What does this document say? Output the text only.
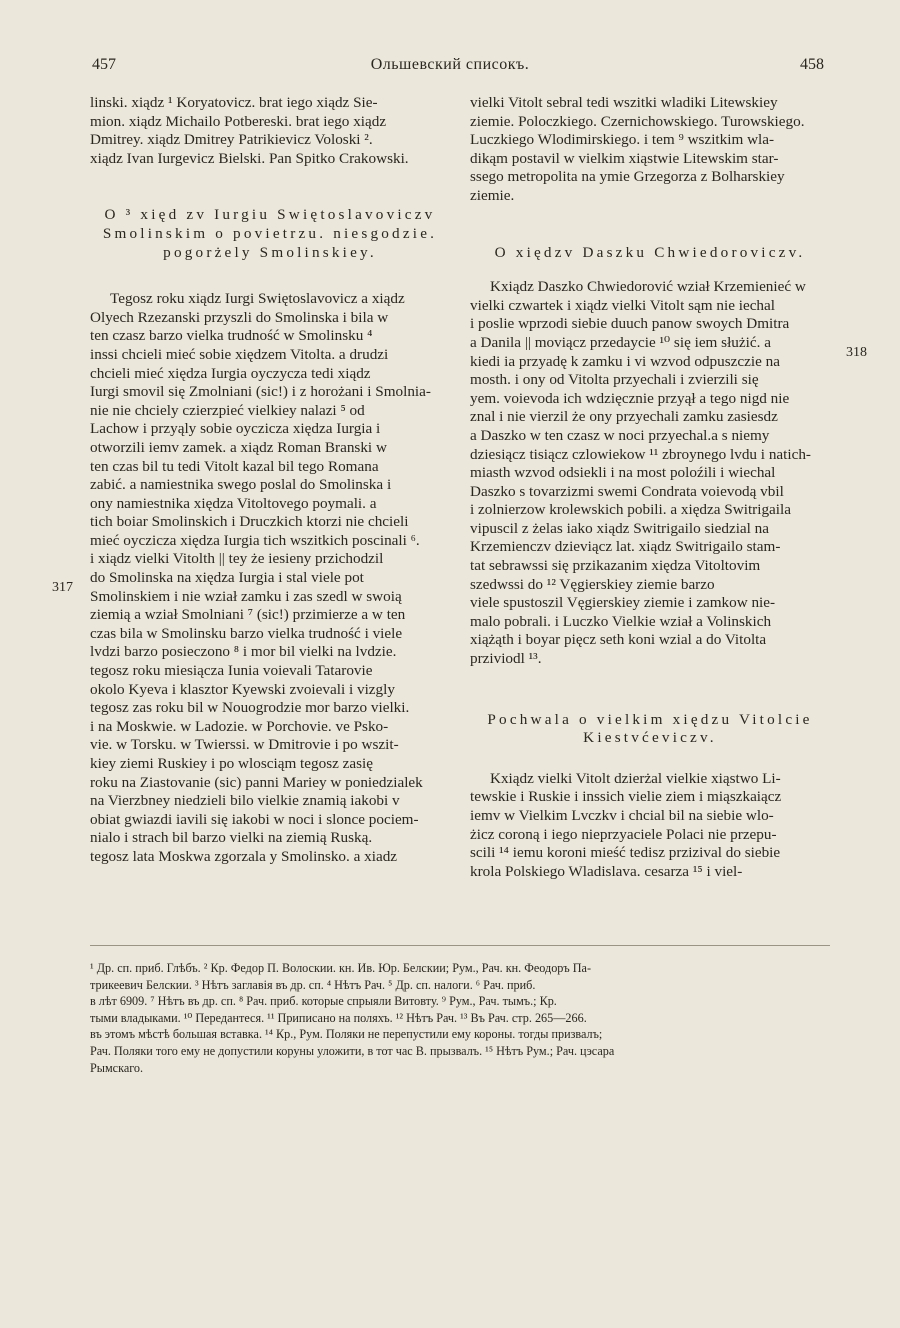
457	Ольшевский списокъ.	458
317
318

linski. xiądz ¹ Koryatovicz. brat iego xiądz Sie-
mion. xiądz Michailo Potbereski. brat iego xiądz
Dmitrey. xiądz Dmitrey Patrikievicz Voloski ².
xiądz Ivan Iurgevicz Bielski. Pan Spitko Crakowski.

O ³ xięd zv Iurgiu Swiętoslavoviczv
Smolinskim o povietrzu. niesgodzie.
pogorżely Smolinskiey.

Tegosz roku xiądz Iurgi Swiętoslavovicz a xiądz
Olyech Rzezanski przyszli do Smolinska i bila w
ten czasz barzo vielka trudność w Smolinsku ⁴
inssi chcieli mieć sobie xiędzem Vitolta. a drudzi
chcieli mieć xiędza Iurgia oyczycza tedi xiądz
Iurgi smovil się Zmolniani (sic!) i z horożani i Smolnia-
nie nie chciely czierzpieć vielkiey nalazi ⁵ od
Lachow i przyąly sobie oyczicza xiędza Iurgia i
otworzili iemv zamek. a xiądz Roman Branski w
ten czas bil tu tedi Vitolt kazal bil tego Romana
zabić. a namiestnika swego poslal do Smolinska i
ony namiestnika xiędza Vitoltovego poymali. a
tich boiar Smolinskich i Druczkich ktorzi nie chcieli
mieć oyczicza xiędza Iurgia tich wszitkich poscinali ⁶.
i xiądz vielki Vitolth || tey że iesieny przichodzil
do Smolinska na xiędza Iurgia i stal viele pot
Smolinskiem i nie wział zamku i zas szedl w swoią
ziemią a wział Smolniani ⁷ (sic!) przimierze a w ten
czas bila w Smolinsku barzo vielka trudność i viele
lvdzi barzo posieczono ⁸ i mor bil vielki na lvdzie.
tegosz roku miesiącza Iunia voievali Tatarovie
okolo Kyeva i klasztor Kyewski zvoievali i vizgly
tegosz zas roku bil w Nouogrodzie mor barzo vielki.
i na Moskwie. w Ladozie. w Porchovie. ve Psko-
vie. w Torsku. w Twierssi. w Dmitrovie i po wszit-
kiey ziemi Ruskiey i po wlosciąm tegosz zasię
roku na Ziastovanie (sic) panni Mariey w poniedzialek
na Vierzbney niedzieli bilo vielkie znamią iakobi v
obiat gwiazdi iavili się iakobi w noci i slonce pociem-
nialo i strach bil barzo vielki na ziemią Ruską.
tegosz lata Moskwa zgorzala y Smolinsko. a xiadz

vielki Vitolt sebral tedi wszitki wladiki Litewskiey
ziemie. Poloczkiego. Czernichowskiego. Turowskiego.
Luczkiego Wlodimirskiego. i tem ⁹ wszitkim wla-
dikąm postavil w vielkim xiąstwie Litewskim star-
ssego metropolita na ymie Grzegorza z Bolharskiey
ziemie.

O xiędzv Daszku Chwiedoroviczv.

Kxiądz Daszko Chwiedorović wział Krzemienieć w
vielki czwartek i xiądz vielki Vitolt sąm nie iechal
i poslie wprzodi siebie duuch panow swoych Dmitra
a Danila || moviącz przedaycie ¹⁰ się iem służić. a
kiedi ia przyadę k zamku i vi wzvod odpuszczie na
mosth. i ony od Vitolta przyechali i zvierzili się
yem. voievoda ich wdzięcznie przyął a tego nigd nie
znal i nie vierzil że ony przyechali zamku zasiesdz
a Daszko w ten czasz w noci przyechal.a s niemy
dziesiącz tisiącz czlowiekow ¹¹ zbroynego lvdu i natich-
miasth wzvod odsiekli i na most poloźili i wiechal
Daszko s tovarzizmi swemi Condrata voievodą vbil
i zolnierzow krolewskich pobili. a xiędza Switrigaila
vipuscil z żelas iako xiądz Switrigailo siedzial na
Krzemienczv dzieviącz lat. xiądz Switrigailo stam-
tat sebrawssi się przikazanim xiędza Vitoltovim
szedwssi do ¹² Vęgierskiey ziemie barzo
viele spustoszil Vęgierskiey ziemie i zamkow nie-
malo pobrali. i Luczko Vielkie wział a Volinskich
xiążąth i boyar pięcz seth koni wzial a do Vitolta
prziviodl ¹³.

Pochwala o vielkim xiędzu Vitolcie
Kiestvćeviczv.

Kxiądz vielki Vitolt dzierżal vielkie xiąstwo Li-
tewskie i Ruskie i inssich vielie ziem i miąszkaiącz
iemv w Vielkim Lvczkv i chcial bil na siebie wlo-
żicz coroną i iego nieprzyaciele Polaci nie przepu-
scili ¹⁴ iemu koroni mieść tedisz przizival do siebie
krola Polskiego Wladislava. cesarza ¹⁵ i viel-

¹ Др. сп. приб. Глѣбъ. ² Кр. Федор П. Волоскии. кн. Ив. Юр. Белскии; Рум., Рач. кн. Феодоръ Па-
трикеевич Белскии. ³ Нѣтъ заглавія въ др. сп. ⁴ Нѣтъ Рач. ⁵ Др. сп. налоги. ⁶ Рач. приб.
в лѣт 6909. ⁷ Нѣтъ въ др. сп. ⁸ Рач. приб. которые спрыяли Витовту. ⁹ Рум., Рач. тымъ.; Кр.
тыми владыками. ¹⁰ Передантеся. ¹¹ Приписано на поляхъ. ¹² Нѣтъ Рач. ¹³ Въ Рач. стр. 265—266.
въ этомъ мѣстѣ большая вставка. ¹⁴ Кр., Рум. Поляки не перепустили ему короны. тогды призвалъ;
Рач. Поляки того ему не допустили коруны уложити, в тот час В. прызвалъ. ¹⁵ Нѣтъ Рум.; Рач. цэсара
Рымскаго.
